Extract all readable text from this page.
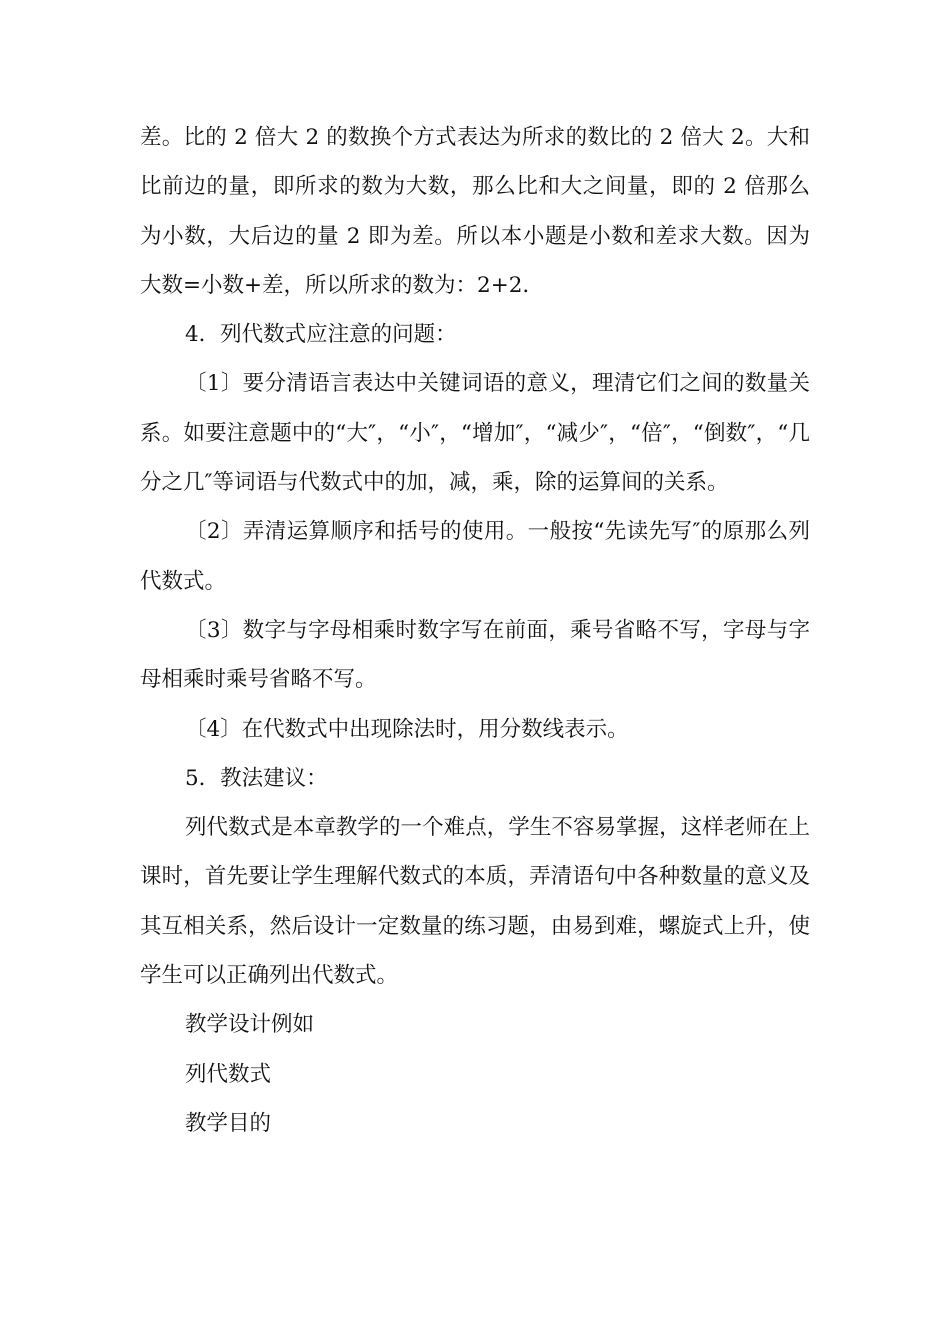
差。比的 2 倍大 2 的数换个方式表达为所求的数比的 2 倍大 2。大和比前边的量，即所求的数为大数，那么比和大之间量，即的 2 倍那么为小数，大后边的量 2 即为差。所以本小题是小数和差求大数。因为大数=小数+差，所以所求的数为：2+2.

4．列代数式应注意的问题：

〔1〕要分清语言表达中关键词语的意义，理清它们之间的数量关系。如要注意题中的“大″，“小″，“增加″，“减少″，“倍″，“倒数″，“几分之几″等词语与代数式中的加，减，乘，除的运算间的关系。

〔2〕弄清运算顺序和括号的使用。一般按“先读先写″的原那么列代数式。

〔3〕数字与字母相乘时数字写在前面，乘号省略不写，字母与字母相乘时乘号省略不写。

〔4〕在代数式中出现除法时，用分数线表示。

5．教法建议：

列代数式是本章教学的一个难点，学生不容易掌握，这样老师在上课时，首先要让学生理解代数式的本质，弄清语句中各种数量的意义及其互相关系，然后设计一定数量的练习题，由易到难，螺旋式上升，使学生可以正确列出代数式。

教学设计例如

列代数式

教学目的
